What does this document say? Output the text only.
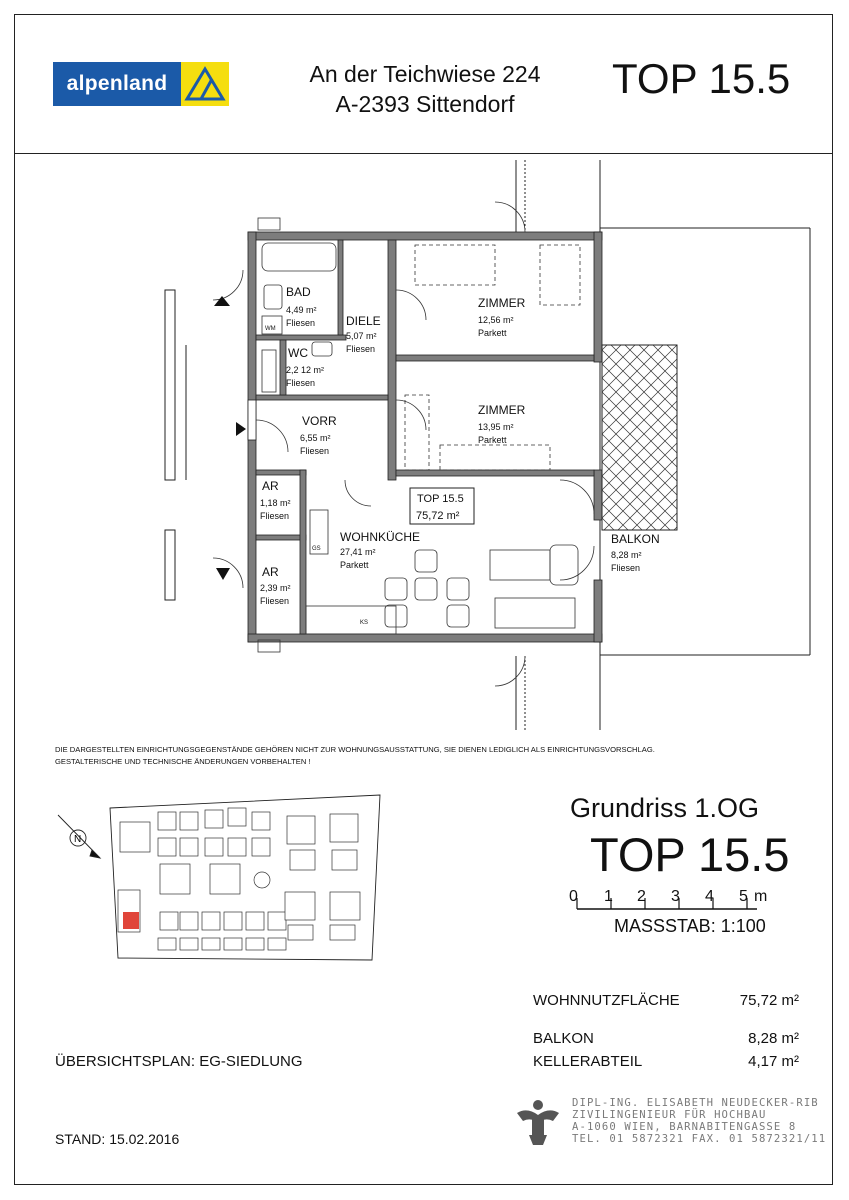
alpenland	An der Teichwiese 224
A-2393 Sittendorf
TOP 15.5
BAD
4,49 m²
Fliesen	DIELE
5,07 m²
Fliesen
WC
2,2 12 m²
Fliesen
VORR
6,55 m²
Fliesen
AR
1,18 m²
Fliesen
AR
2,39 m²
Fliesen
ZIMMER
12,56 m²
Parkett
ZIMMER
13,95 m²
Parkett
WOHNKÜCHE
27,41 m²
Parkett
BALKON
8,28 m²
Fliesen
TOP 15.5
75,72 m²
WM
GS
KS
DIE DARGESTELLTEN EINRICHTUNGSGEGENSTÄNDE GEHÖREN NICHT ZUR WOHNUNGSAUSSTATTUNG, SIE DIENEN LEDIGLICH ALS EINRICHTUNGSVORSCHLAG.
GESTALTERISCHE UND TECHNISCHE ÄNDERUNGEN VORBEHALTEN !
N
Grundriss 1.OG
TOP 15.5
0 1 2 3 4 5 m
MASSSTAB: 1:100
WOHNNUTZFLÄCHE	75,72 m²
BALKON	8,28 m²
KELLERABTEIL	4,17 m²
ÜBERSICHTSPLAN: EG-SIEDLUNG
DIPL-ING. ELISABETH NEUDECKER-RIB
ZIVILINGENIEUR FÜR HOCHBAU
A-1060 WIEN, BARNABITENGASSE 8
TEL. 01 5872321 FAX. 01 5872321/11
STAND: 15.02.2016
